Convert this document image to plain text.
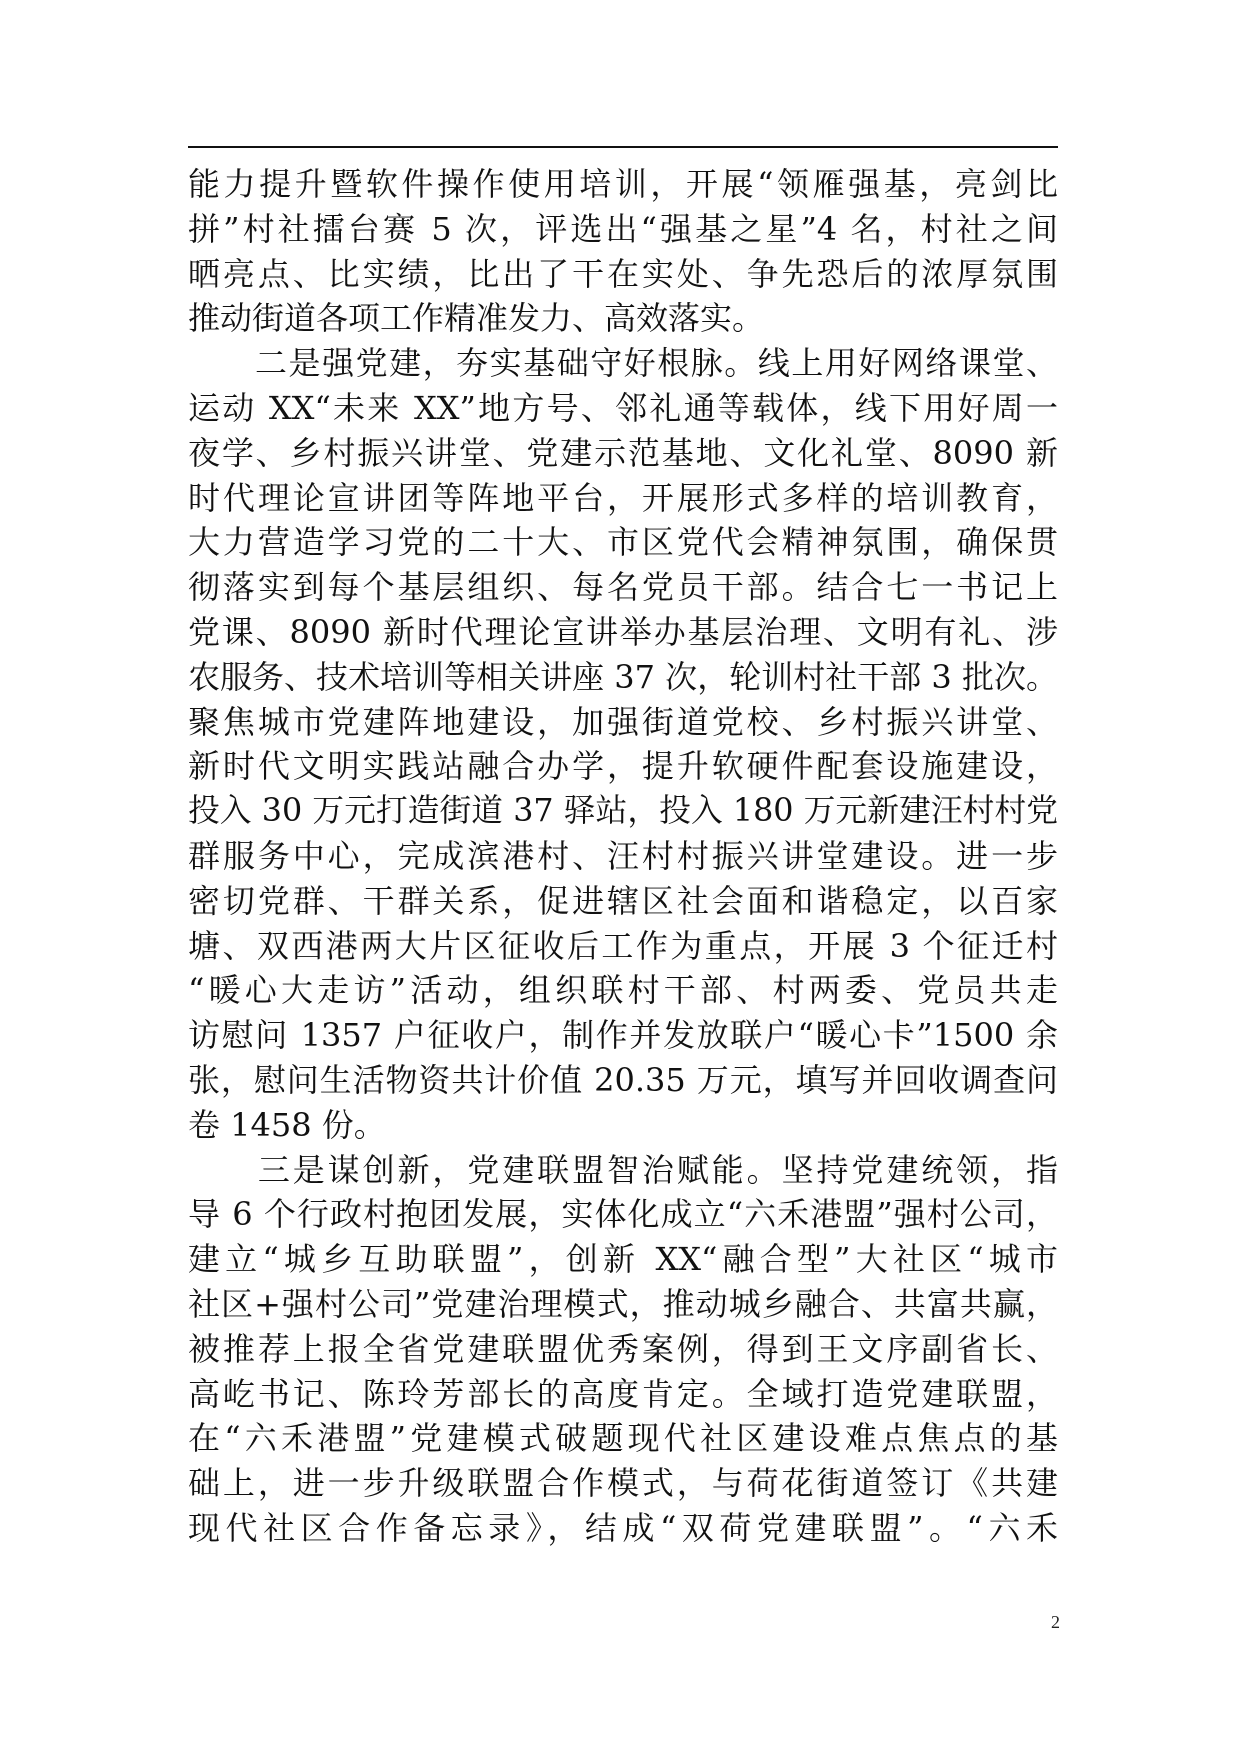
能力提升暨软件操作使用培训，开展“领雁强基，亮剑比
拼”村社擂台赛 5 次，评选出“强基之星”4 名，村社之间
晒亮点、比实绩，比出了干在实处、争先恐后的浓厚氛围
推动街道各项工作精准发力、高效落实。
　　二是强党建，夯实基础守好根脉。线上用好网络课堂、
运动 XX“未来 XX”地方号、邻礼通等载体，线下用好周一
夜学、乡村振兴讲堂、党建示范基地、文化礼堂、8090 新
时代理论宣讲团等阵地平台，开展形式多样的培训教育，
大力营造学习党的二十大、市区党代会精神氛围，确保贯
彻落实到每个基层组织、每名党员干部。结合七一书记上
党课、8090 新时代理论宣讲举办基层治理、文明有礼、涉
农服务、技术培训等相关讲座 37 次，轮训村社干部 3 批次。
聚焦城市党建阵地建设，加强街道党校、乡村振兴讲堂、
新时代文明实践站融合办学，提升软硬件配套设施建设，
投入 30 万元打造街道 37 驿站，投入 180 万元新建汪村村党
群服务中心，完成滨港村、汪村村振兴讲堂建设。进一步
密切党群、干群关系，促进辖区社会面和谐稳定，以百家
塘、双西港两大片区征收后工作为重点，开展 3 个征迁村
“暖心大走访”活动，组织联村干部、村两委、党员共走
访慰问 1357 户征收户，制作并发放联户“暖心卡”1500 余
张，慰问生活物资共计价值 20.35 万元，填写并回收调查问
卷 1458 份。
　　三是谋创新，党建联盟智治赋能。坚持党建统领，指
导 6 个行政村抱团发展，实体化成立“六禾港盟”强村公司，
建立“城乡互助联盟”，创新 XX“融合型”大社区“城市
社区+强村公司”党建治理模式，推动城乡融合、共富共赢，
被推荐上报全省党建联盟优秀案例，得到王文序副省长、
高屹书记、陈玲芳部长的高度肯定。全域打造党建联盟，
在“六禾港盟”党建模式破题现代社区建设难点焦点的基
础上，进一步升级联盟合作模式，与荷花街道签订《共建
现代社区合作备忘录》，结成“双荷党建联盟”。“六禾
2
